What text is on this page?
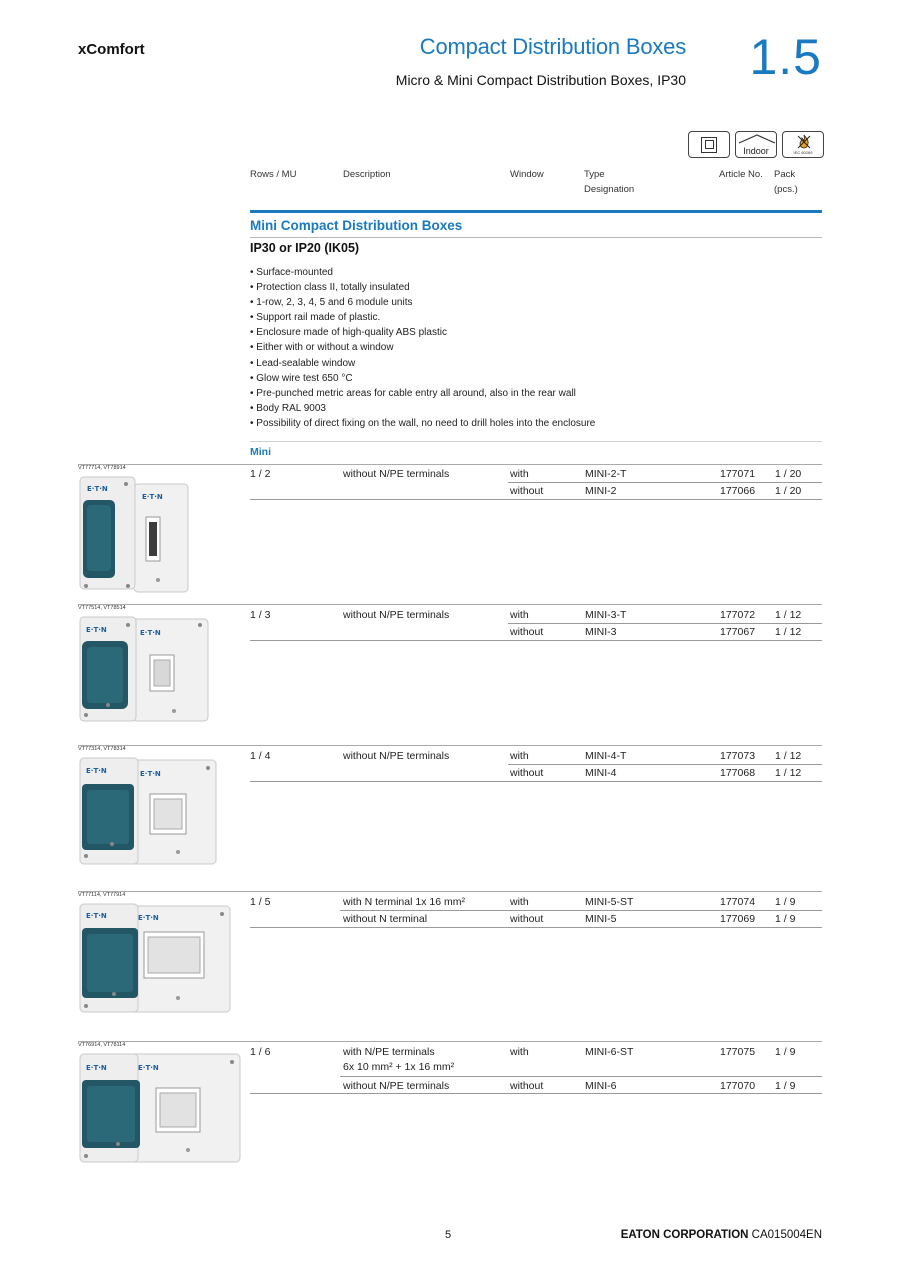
xComfort	Compact Distribution Boxes
Micro & Mini Compact Distribution Boxes, IP30 1.5
Indoor	IEC 60269
Rows / MU	Description	Window	Type
Designation
Article No. Pack
(pcs.)
Mini Compact Distribution Boxes
IP30 or IP20 (IK05)
• Surface-mounted
• Protection class II, totally insulated
• 1-row, 2, 3, 4, 5 and 6 module units
• Support rail made of plastic.
• Enclosure made of high-quality ABS plastic
• Either with or without a window
• Lead-sealable window
• Glow wire test 650 °C
• Pre-punched metric areas for cable entry all around, also in the rear wall
• Body RAL 9003
• Possibility of direct fixing on the wall, no need to drill holes into the enclosure
Mini
VT77714, VT78914
E·T·N
E·T·N
1 / 2	without N/PE terminals	with	MINI-2-T	177071 1 / 20
without	MINI-2	177066 1 / 20
VT77514, VT78514
E·T·N
E·T·N
1 / 3	without N/PE terminals	with	MINI-3-T	177072 1 / 12
without	MINI-3	177067 1 / 12
VT77314, VT78314
E·T·N
E·T·N
1 / 4	without N/PE terminals	with	MINI-4-T	177073 1 / 12
without	MINI-4	177068 1 / 12
VT77114, VT77914
E·T·N
E·T·N
1 / 5	with N terminal 1x 16 mm²	with	MINI-5-ST	177074 1 / 9
without N terminal	without	MINI-5	177069 1 / 9
VT76914, VT78114
E·T·N
E·T·N
1 / 6	with N/PE terminals
6x 10 mm² + 1x 16 mm²
with	MINI-6-ST	177075 1 / 9
without N/PE terminals	without	MINI-6	177070 1 / 9
5	EATON CORPORATION CA015004EN
